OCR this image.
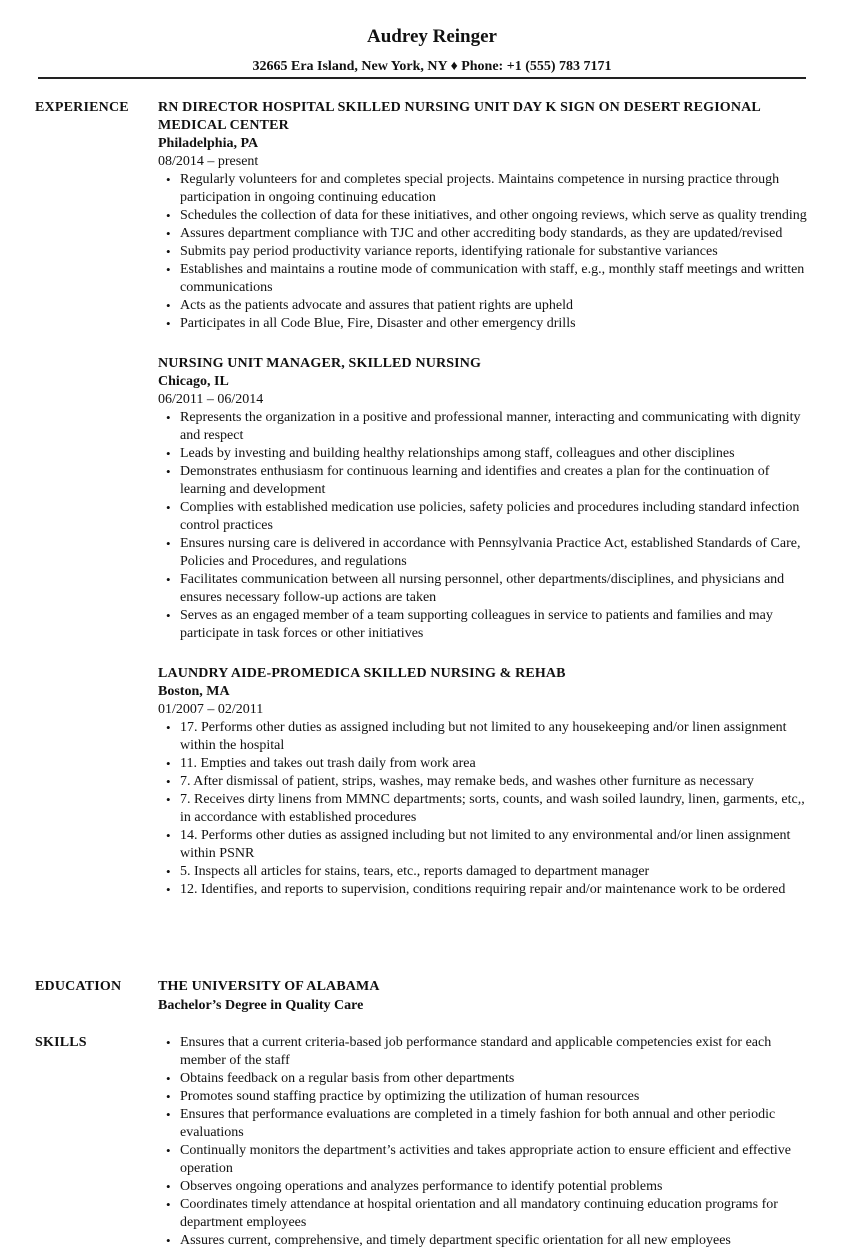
Audrey Reinger
32665 Era Island, New York, NY ♦ Phone: +1 (555) 783 7171
EXPERIENCE RN DIRECTOR HOSPITAL SKILLED NURSING UNIT DAY K SIGN ON DESERT REGIONAL MEDICAL CENTER
Philadelphia, PA
08/2014 – present
• Regularly volunteers for and completes special projects. Maintains competence in nursing practice through participation in ongoing continuing education
• Schedules the collection of data for these initiatives, and other ongoing reviews, which serve as quality trending
• Assures department compliance with TJC and other accrediting body standards, as they are updated/revised
• Submits pay period productivity variance reports, identifying rationale for substantive variances
• Establishes and maintains a routine mode of communication with staff, e.g., monthly staff meetings and written communications
• Acts as the patients advocate and assures that patient rights are upheld
• Participates in all Code Blue, Fire, Disaster and other emergency drills
NURSING UNIT MANAGER, SKILLED NURSING
Chicago, IL
06/2011 – 06/2014
• Represents the organization in a positive and professional manner, interacting and communicating with dignity and respect
• Leads by investing and building healthy relationships among staff, colleagues and other disciplines
• Demonstrates enthusiasm for continuous learning and identifies and creates a plan for the continuation of learning and development
• Complies with established medication use policies, safety policies and procedures including standard infection control practices
• Ensures nursing care is delivered in accordance with Pennsylvania Practice Act, established Standards of Care, Policies and Procedures, and regulations
• Facilitates communication between all nursing personnel, other departments/disciplines, and physicians and ensures necessary follow-up actions are taken
• Serves as an engaged member of a team supporting colleagues in service to patients and families and may participate in task forces or other initiatives
LAUNDRY AIDE-PROMEDICA SKILLED NURSING & REHAB
Boston, MA
01/2007 – 02/2011
• 17. Performs other duties as assigned including but not limited to any housekeeping and/or linen assignment within the hospital
• 11. Empties and takes out trash daily from work area
• 7. After dismissal of patient, strips, washes, may remake beds, and washes other furniture as necessary
• 7. Receives dirty linens from MMNC departments; sorts, counts, and wash soiled laundry, linen, garments, etc,, in accordance with established procedures
• 14. Performs other duties as assigned including but not limited to any environmental and/or linen assignment within PSNR
• 5. Inspects all articles for stains, tears, etc., reports damaged to department manager
• 12. Identifies, and reports to supervision, conditions requiring repair and/or maintenance work to be ordered
EDUCATION	THE UNIVERSITY OF ALABAMA
Bachelor’s Degree in Quality Care
SKILLS	• Ensures that a current criteria-based job performance standard and applicable competencies exist for each member of the staff
• Obtains feedback on a regular basis from other departments
• Promotes sound staffing practice by optimizing the utilization of human resources
• Ensures that performance evaluations are completed in a timely fashion for both annual and other periodic evaluations
• Continually monitors the department’s activities and takes appropriate action to ensure efficient and effective operation
• Observes ongoing operations and analyzes performance to identify potential problems
• Coordinates timely attendance at hospital orientation and all mandatory continuing education programs for department employees
• Assures current, comprehensive, and timely department specific orientation for all new employees
